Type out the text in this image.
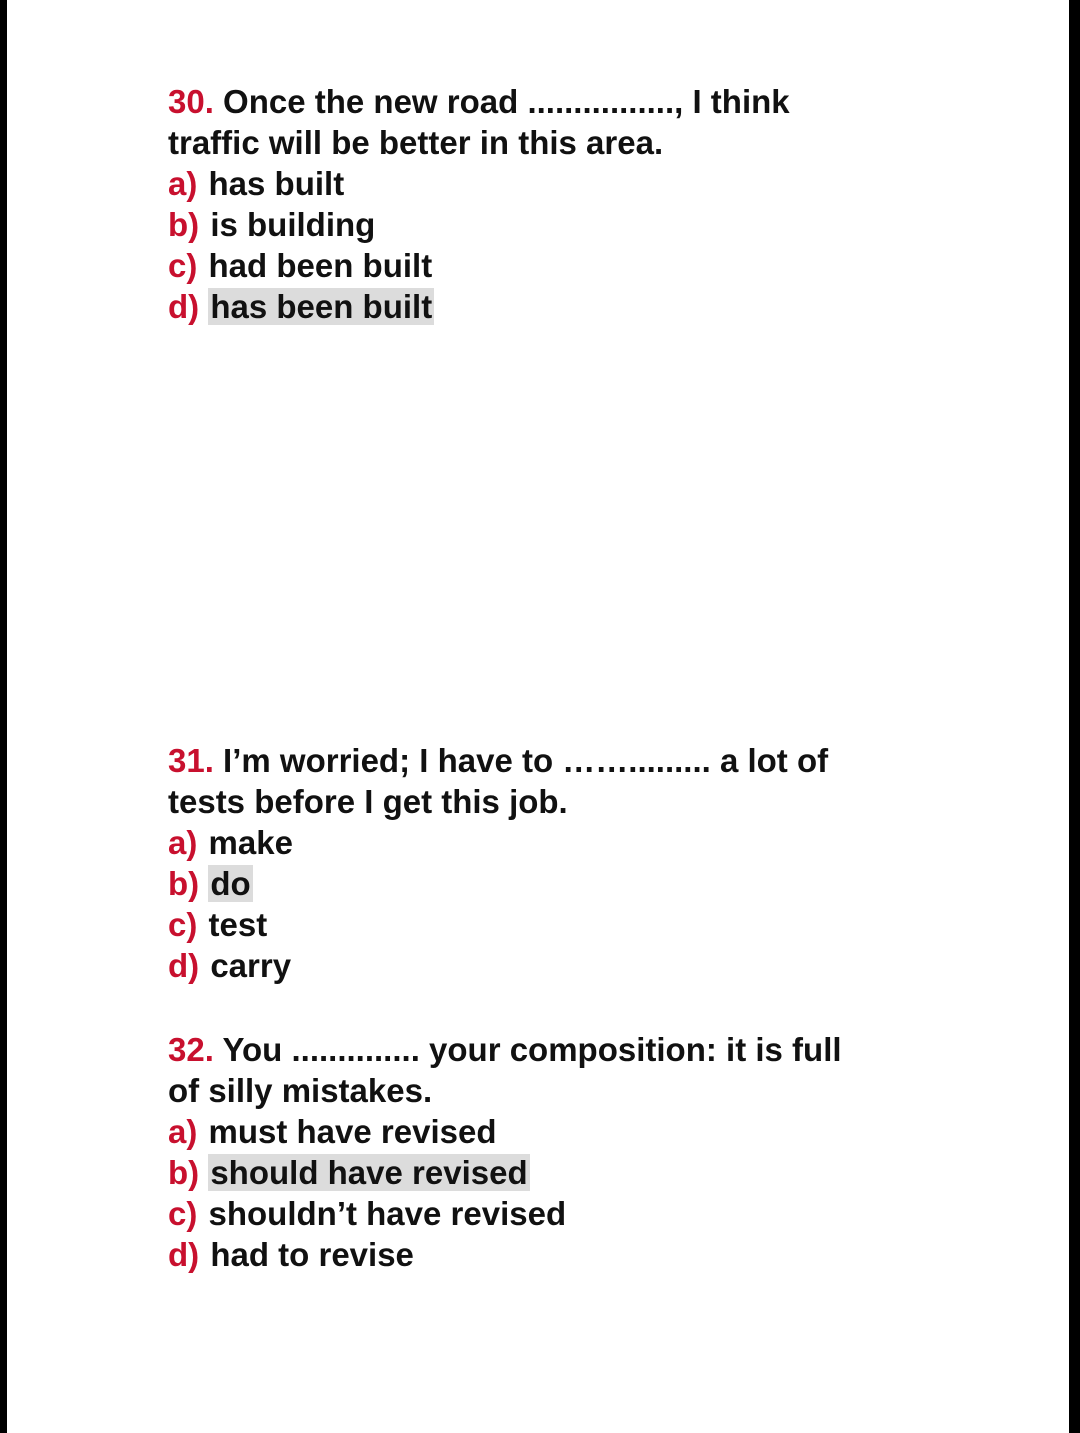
30. Once the new road ................, I think
traffic will be better in this area.
a) has built
b) is building
c) had been built
d) has been built
31. I’m worried; I have to ……......... a lot of
tests before I get this job.
a) make
b) do
c) test
d) carry
32. You .............. your composition: it is full
of silly mistakes.
a) must have revised
b) should have revised
c) shouldn’t have revised
d) had to revise
